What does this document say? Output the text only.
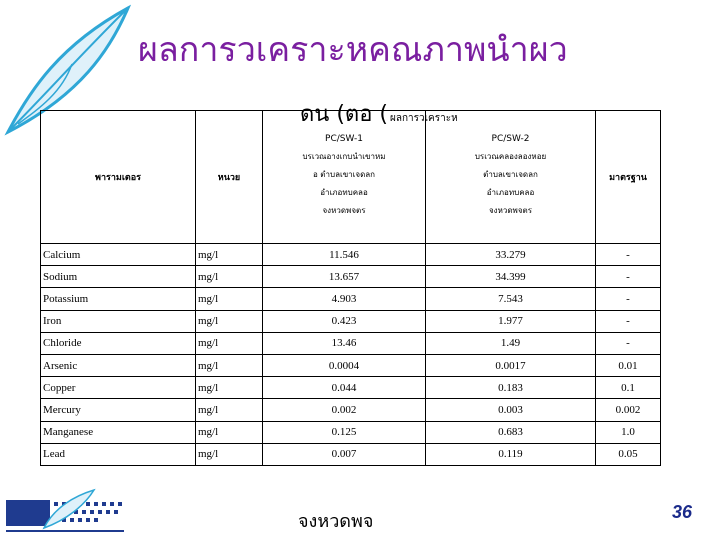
ผลการวเคราะหคณภาพนำผว
ดน (ตอ ( ผลการวเคราะห
พารามเตอร	หนวย	PC/SW-1
บรเวณอางเกบนำเขาหม
อ ตำบลเขาเจดลก
อำเภอทบคลอ
จงหวดพจตร	PC/SW-2
บรเวณคลองลองหอย
ตำบลเขาเจดลก
อำเภอทบคลอ
จงหวดพจตร	มาตรฐาน
Calcium	mg/l	11.546	33.279	-
Sodium	mg/l	13.657	34.399	-
Potassium	mg/l	4.903	7.543	-
Iron	mg/l	0.423	1.977	-
Chloride	mg/l	13.46	1.49	-
Arsenic	mg/l	0.0004	0.0017	0.01
Copper	mg/l	0.044	0.183	0.1
Mercury	mg/l	0.002	0.003	0.002
Manganese	mg/l	0.125	0.683	1.0
Lead	mg/l	0.007	0.119	0.05
จงหวดพจ	36
